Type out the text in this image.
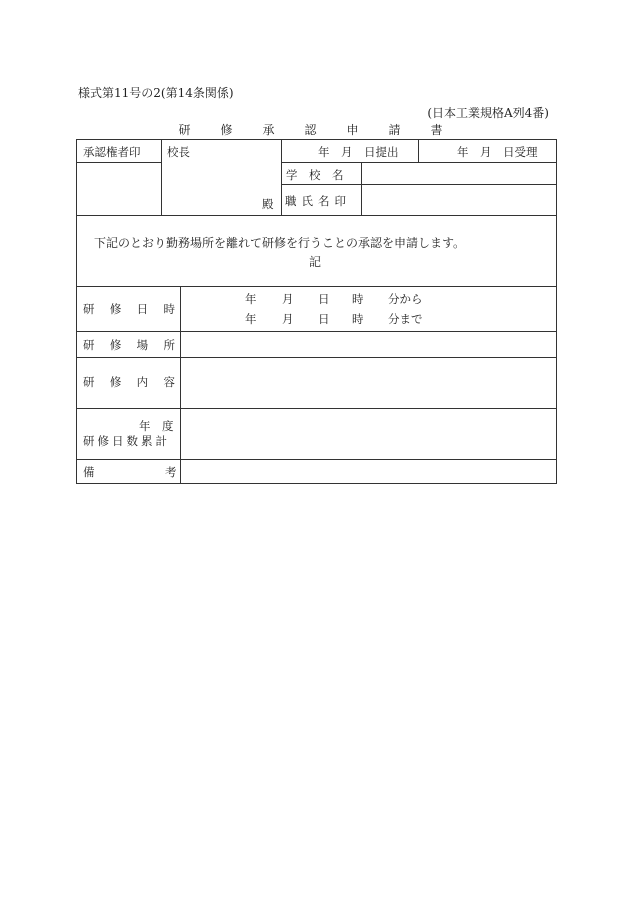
様式第11号の2(第14条関係)
(日本工業規格A列4番)
研　修　承　認　申　請　書
承認権者印 校長
殿
年　月　日提出	年　月　日受理
学　校　名
職氏名印
下記のとおり勤務場所を離れて研修を行うことの承認を申請します。
記
研 修 日 時
年 月 日 時 分から
年 月 日 時 分まで
研 修 場 所
研 修 内 容
年　度
研修日数累計
備	考
